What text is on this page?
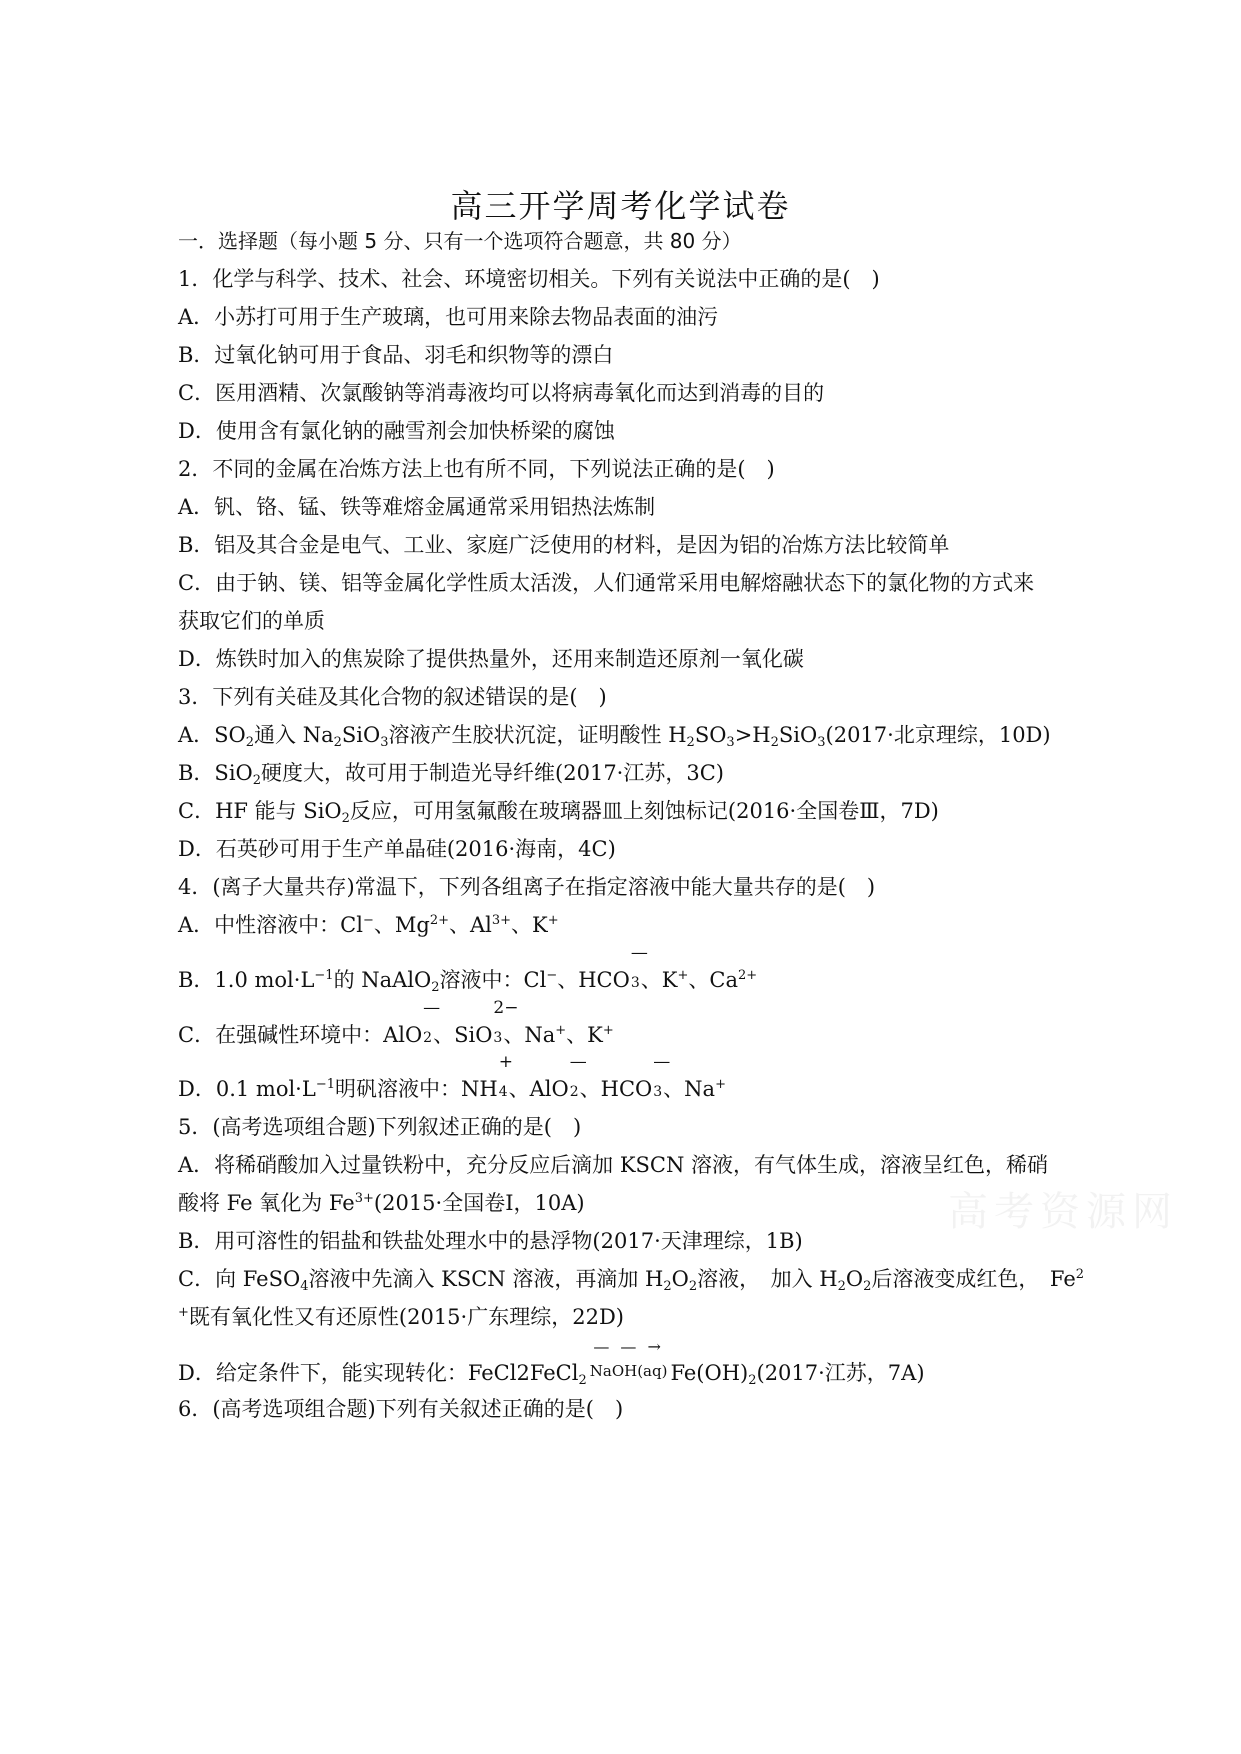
高三开学周考化学试卷
一．选择题（每小题 5 分、只有一个选项符合题意，共 80 分）
1．化学与科学、技术、社会、环境密切相关。下列有关说法中正确的是(　)
A．小苏打可用于生产玻璃，也可用来除去物品表面的油污
B．过氧化钠可用于食品、羽毛和织物等的漂白
C．医用酒精、次氯酸钠等消毒液均可以将病毒氧化而达到消毒的目的
D．使用含有氯化钠的融雪剂会加快桥梁的腐蚀
2．不同的金属在冶炼方法上也有所不同，下列说法正确的是(　)
A．钒、铬、锰、铁等难熔金属通常采用铝热法炼制
B．铝及其合金是电气、工业、家庭广泛使用的材料，是因为铝的冶炼方法比较简单
C．由于钠、镁、铝等金属化学性质太活泼，人们通常采用电解熔融状态下的氯化物的方式来
获取它们的单质
D．炼铁时加入的焦炭除了提供热量外，还用来制造还原剂一氧化碳
3．下列有关硅及其化合物的叙述错误的是(　)
A．$SO_2$通入 $Na_2SiO_3$溶液产生胶状沉淀，证明酸性 $H_2SO_3>H_2SiO_3(2017\cdot$北京理综，10D)
B．SiO$_2$硬度大，故可用于制造光导纤维(2017·江苏，3C)
C．HF 能与 SiO$_2$反应，可用氢氟酸在玻璃器皿上刻蚀标记(2016·全国卷Ⅲ，7D)
D．石英砂可用于生产单晶硅(2016·海南，4C)
4．(离子大量共存)常温下，下列各组离子在指定溶液中能大量共存的是(　)
A．中性溶液中：Cl−、$Mg^{2+}$、$Al^{3+}$、K+
B．1.0 $mol\cdot L^{-1}$的 NaAlO$_2$溶液中：Cl−、HCO
—
3、K+、$Ca^{2+}$
C．在强碱性环境中：AlO
—
2、SiO
2−
3、Na+、K+
D．0.1 $mol\cdot L^{-1}$明矾溶液中：NH
+
4、AlO
—
2、HCO
—
3、Na+
5．(高考选项组合题)下列叙述正确的是(　)
A．将稀硝酸加入过量铁粉中，充分反应后滴加 KSCN 溶液，有气体生成，溶液呈红色，稀硝
酸将 Fe 氧化为 $Fe^{3+}(2015\cdot$全国卷Ⅰ，10A)
B．用可溶性的铝盐和铁盐处理水中的悬浮物(2017·天津理综，1B)
C．向 FeSO$_4$溶液中先滴入 KSCN 溶液，再滴加 $H_2O_2$溶液，　加入 $H_2O_2$后溶液变成红色，　Fe$^2$
+既有氧化性又有还原性(2015·广东理综，22D)
D．给定条件下，能实现转化：FeCl2FeCl$_2$
— — →
NaOH(aq) $Fe(OH)_2(2017\cdot$江苏，7A)
6．(高考选项组合题)下列有关叙述正确的是(　)
高考资源网
